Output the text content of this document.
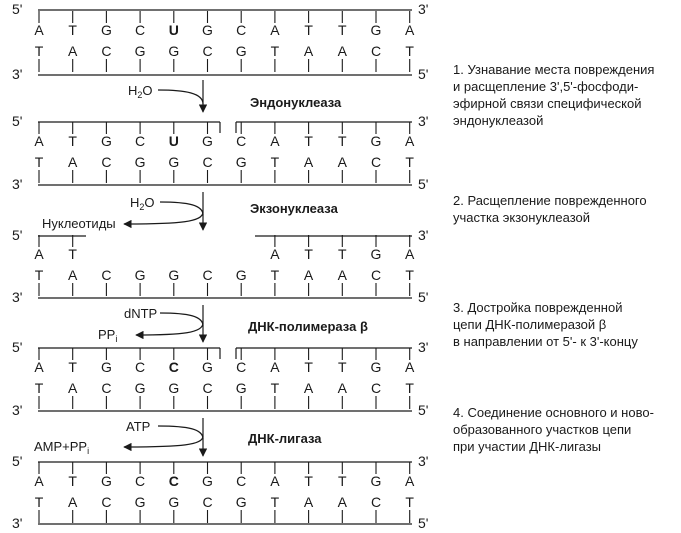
5'	3'
A T G C U G C A T T G A
T A C G G C G T A A C T
3'	5'
$H_2O$
Эндонуклеаза
5'	3'
A T G C U G C A T T G A
T A C G G C G T A A C T
3'	5'
$H_2O$
Нуклеотиды
Экзонуклеаза
5'	3'
A T	A T T G A
T A C G G C G T A A C T
3'	5'
dNTP
$PP_i$
ДНК-полимераза β
5'	3'
A T G C C G C A T T G A
T A C G G C G T A A C T
3'	5'
ATP
$AMP+PP_i$
ДНК-лигаза
5'	3'
A T G C C G C A T T G A
T A C G G C G T A A C T
3'	5'

1. Узнавание места повреждения

и расщепление 3',5'-фосфоди-

эфирной связи специфической

эндонуклеазой

2. Расщепление поврежденного

участка экзонуклеазой

3. Достройка поврежденной

цепи ДНК-полимеразой β

в направлении от 5'- к 3'-концу

4. Соединение основного и ново-

образованного участков цепи

при участии ДНК-лигазы
